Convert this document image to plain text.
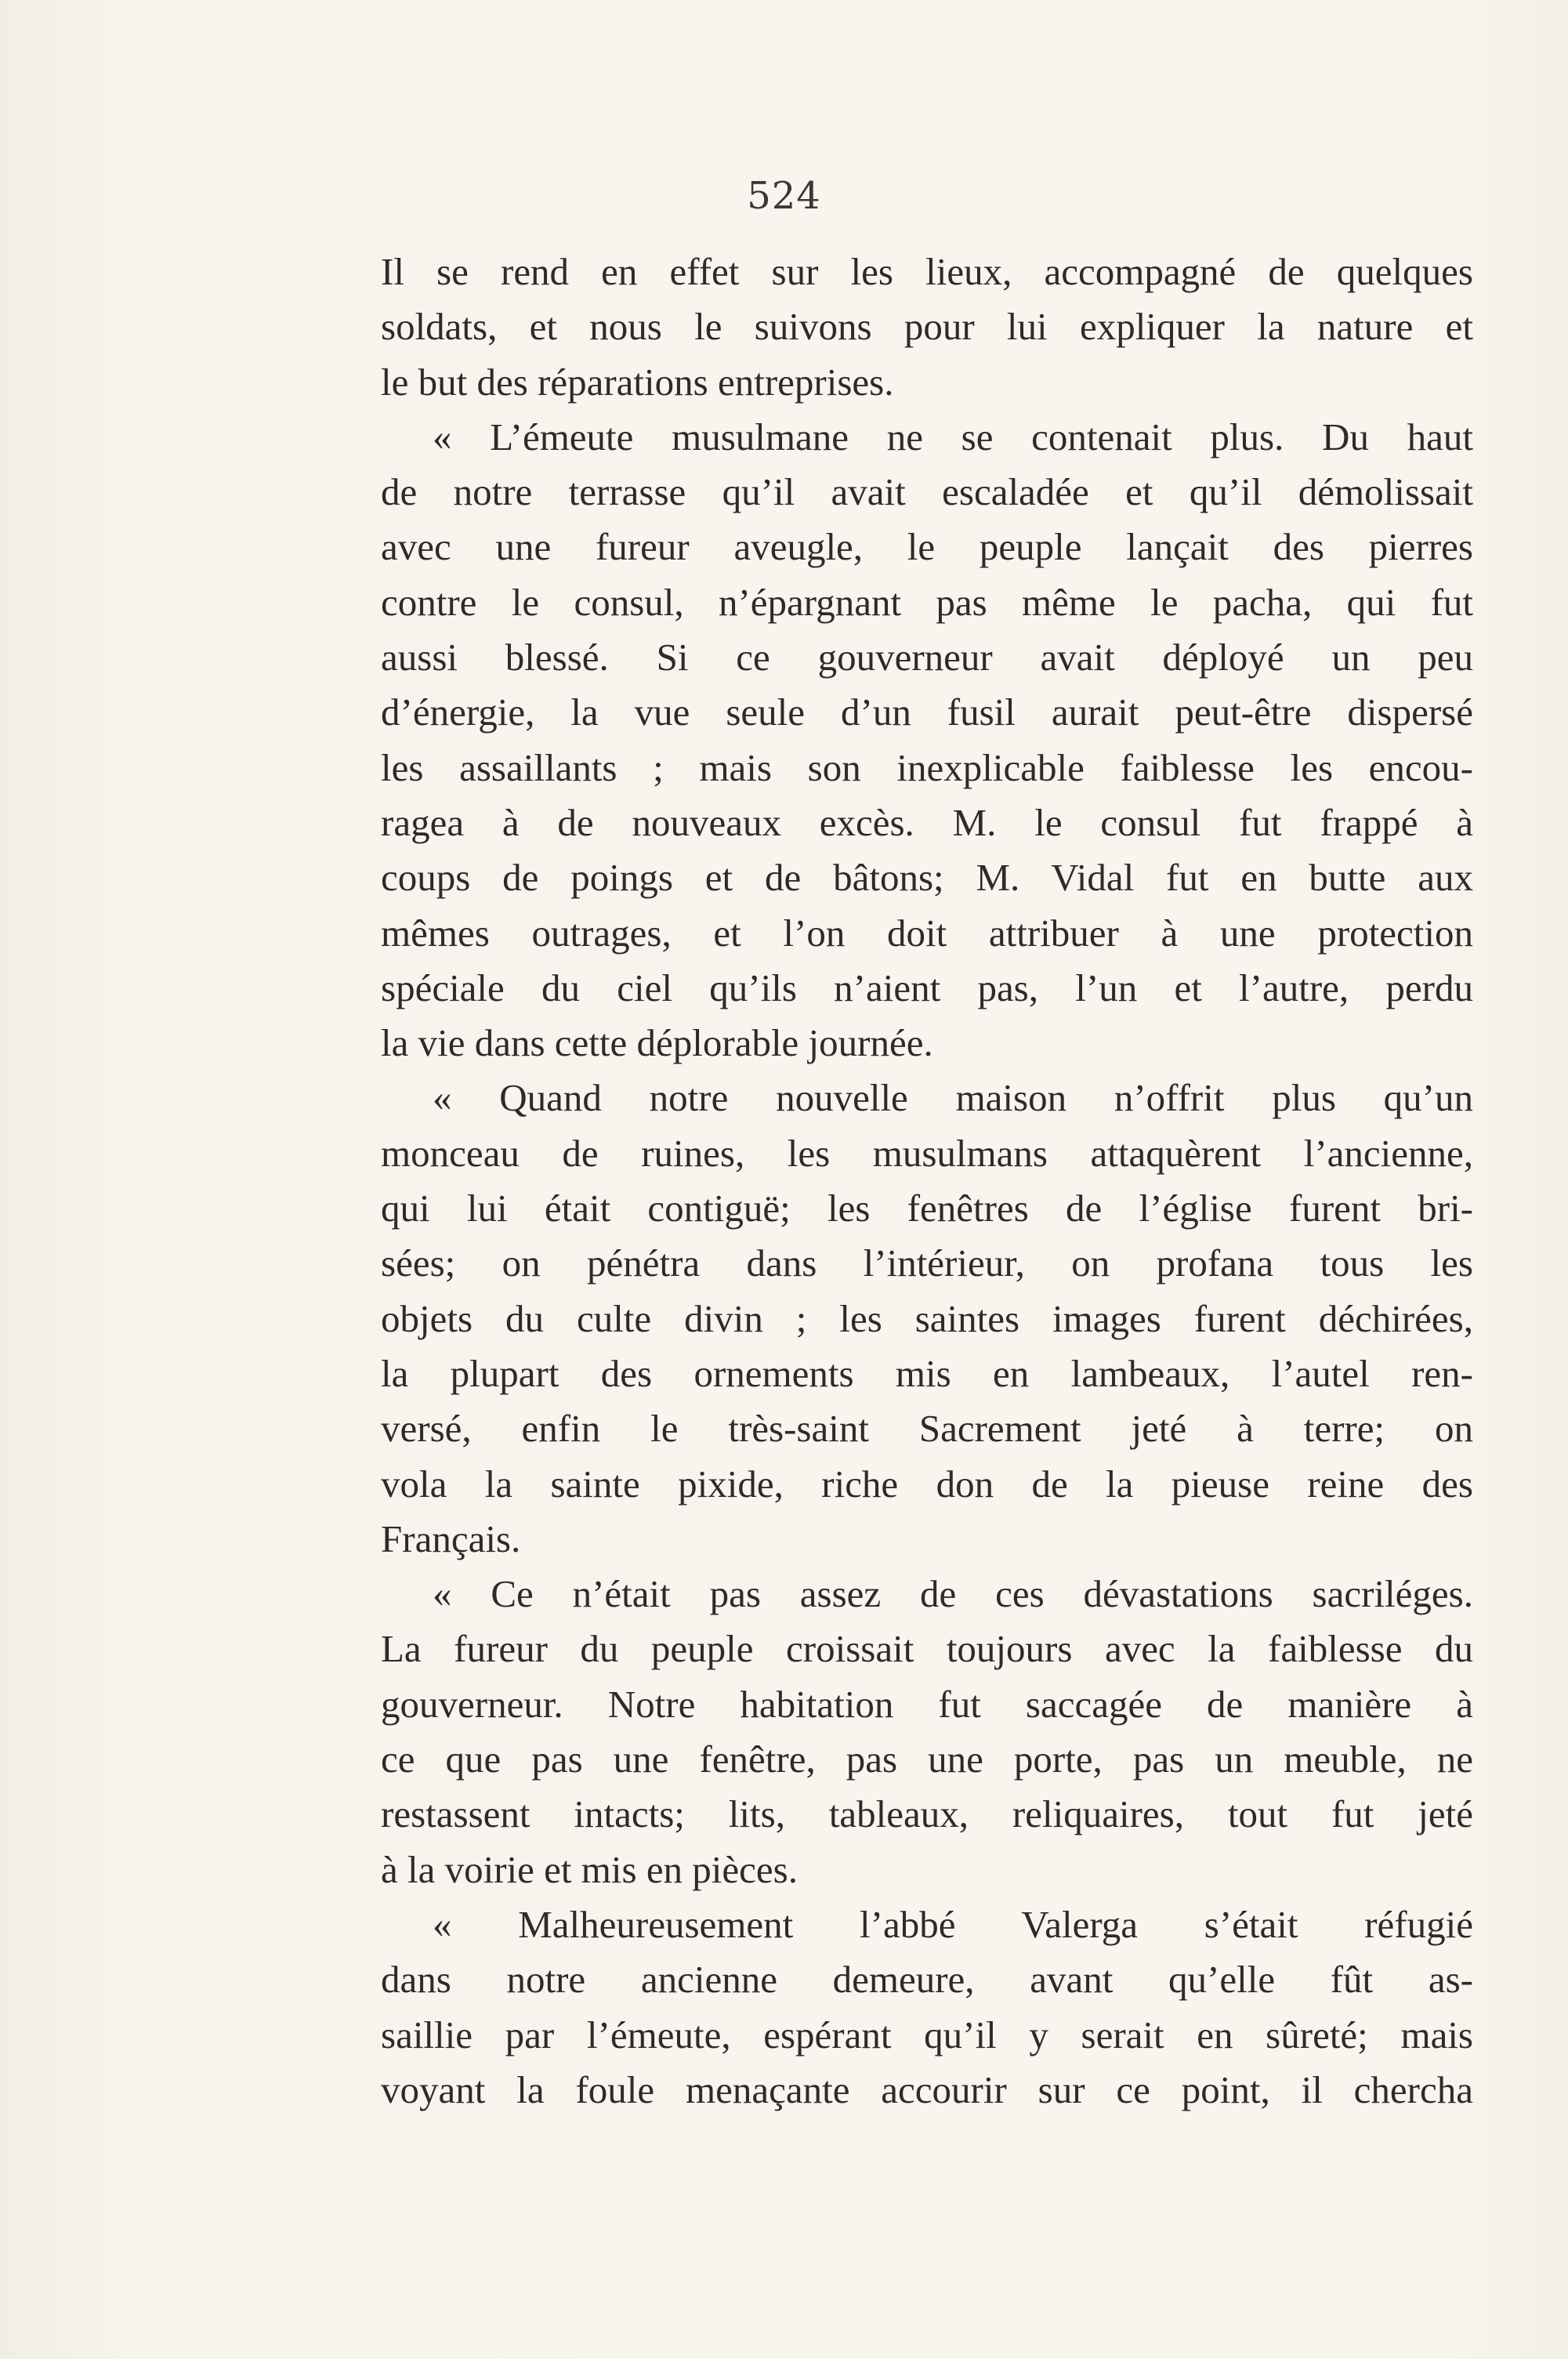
524
Il se rend en effet sur les lieux, accompagné de quelques
soldats, et nous le suivons pour lui expliquer la nature et
le but des réparations entreprises.
« L’émeute musulmane ne se contenait plus. Du haut
de notre terrasse qu’il avait escaladée et qu’il démolissait
avec une fureur aveugle, le peuple lançait des pierres
contre le consul, n’épargnant pas même le pacha, qui fut
aussi blessé. Si ce gouverneur avait déployé un peu
d’énergie, la vue seule d’un fusil aurait peut-être dispersé
les assaillants ; mais son inexplicable faiblesse les encou-
ragea à de nouveaux excès. M. le consul fut frappé à
coups de poings et de bâtons; M. Vidal fut en butte aux
mêmes outrages, et l’on doit attribuer à une protection
spéciale du ciel qu’ils n’aient pas, l’un et l’autre, perdu
la vie dans cette déplorable journée.
« Quand notre nouvelle maison n’offrit plus qu’un
monceau de ruines, les musulmans attaquèrent l’ancienne,
qui lui était contiguë; les fenêtres de l’église furent bri-
sées; on pénétra dans l’intérieur, on profana tous les
objets du culte divin ; les saintes images furent déchirées,
la plupart des ornements mis en lambeaux, l’autel ren-
versé, enfin le très-saint Sacrement jeté à terre; on
vola la sainte pixide, riche don de la pieuse reine des
Français.
« Ce n’était pas assez de ces dévastations sacriléges.
La fureur du peuple croissait toujours avec la faiblesse du
gouverneur. Notre habitation fut saccagée de manière à
ce que pas une fenêtre, pas une porte, pas un meuble, ne
restassent intacts; lits, tableaux, reliquaires, tout fut jeté
à la voirie et mis en pièces.
« Malheureusement l’abbé Valerga s’était réfugié
dans notre ancienne demeure, avant qu’elle fût as-
saillie par l’émeute, espérant qu’il y serait en sûreté; mais
voyant la foule menaçante accourir sur ce point, il chercha
